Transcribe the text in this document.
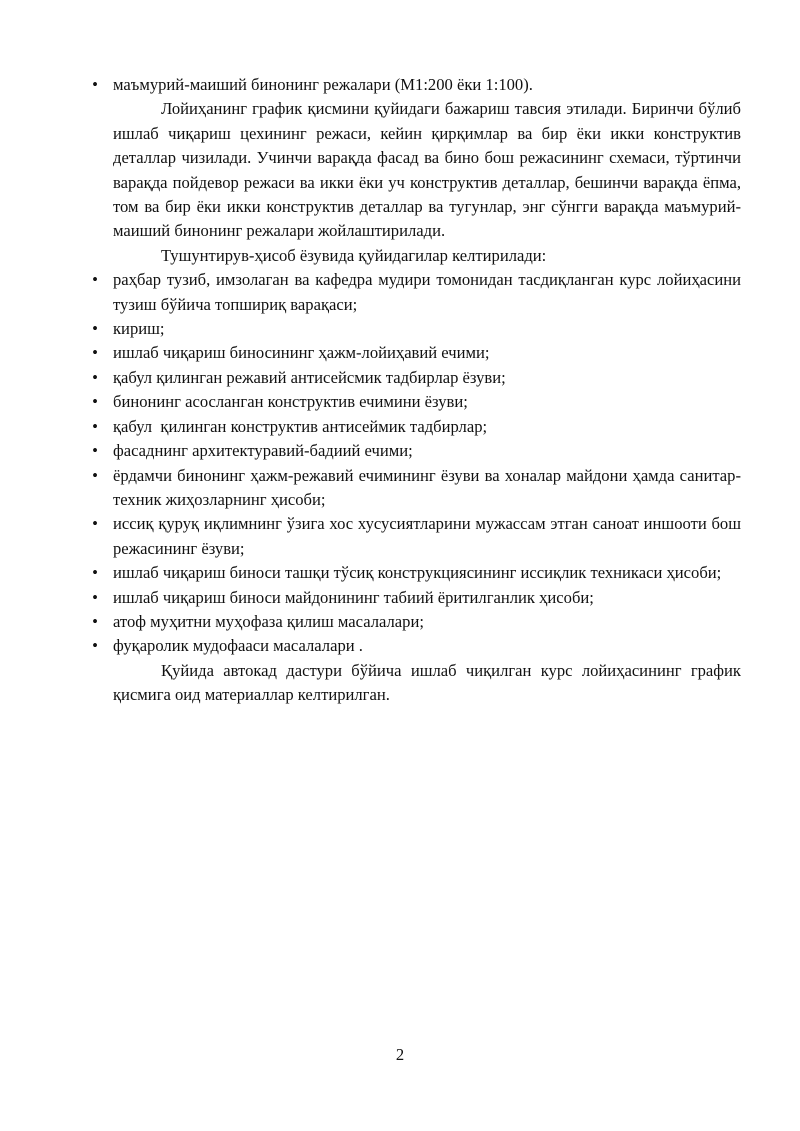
• маъмурий-маиший бинонинг режалари (М1:200 ёки 1:100).

Лойиҳанинг график қисмини қуйидаги бажариш тавсия этилади. Биринчи бўлиб ишлаб чиқариш цехининг режаси, кейин қирқимлар ва бир ёки икки конструктив деталлар чизилади. Учинчи варақда фасад ва бино бош режасининг схемаси, тўртинчи варақда пойдевор режаси ва икки ёки уч конструктив деталлар, бешинчи варақда ёпма, том ва бир ёки икки конструктив деталлар ва тугунлар, энг сўнгги варақда маъмурий-маиший бинонинг режалари жойлаштирилади.

Тушунтирув-ҳисоб ёзувида қуйидагилар келтирилади:

• раҳбар тузиб, имзолаган ва кафедра мудири томонидан тасдиқланган курс лойиҳасини тузиш бўйича топшириқ варақаси;
• кириш;
• ишлаб чиқариш биносининг ҳажм-лойиҳавий ечими;
• қабул қилинган режавий антисейсмик тадбирлар ёзуви;
• бинонинг асосланган конструктив ечимини ёзуви;
• қабул  қилинган конструктив антисеймик тадбирлар;
• фасаднинг архитектуравий-бадиий ечими;
• ёрдамчи бинонинг ҳажм-режавий ечимининг ёзуви ва хоналар майдони ҳамда санитар-техник жиҳозларнинг ҳисоби;
• иссиқ қуруқ иқлимнинг ўзига хос хусусиятларини мужассам этган саноат иншооти бош режасининг ёзуви;
• ишлаб чиқариш биноси ташқи тўсиқ конструкциясининг иссиқлик техникаси ҳисоби;
• ишлаб чиқариш биноси майдонининг табиий ёритилганлик ҳисоби;
• атоф муҳитни муҳофаза қилиш масалалари;
• фуқаролик мудофааси масалалари .

Қуйида автокад дастури бўйича ишлаб чиқилган курс лойиҳасининг график қисмига оид материаллар келтирилган.

2
